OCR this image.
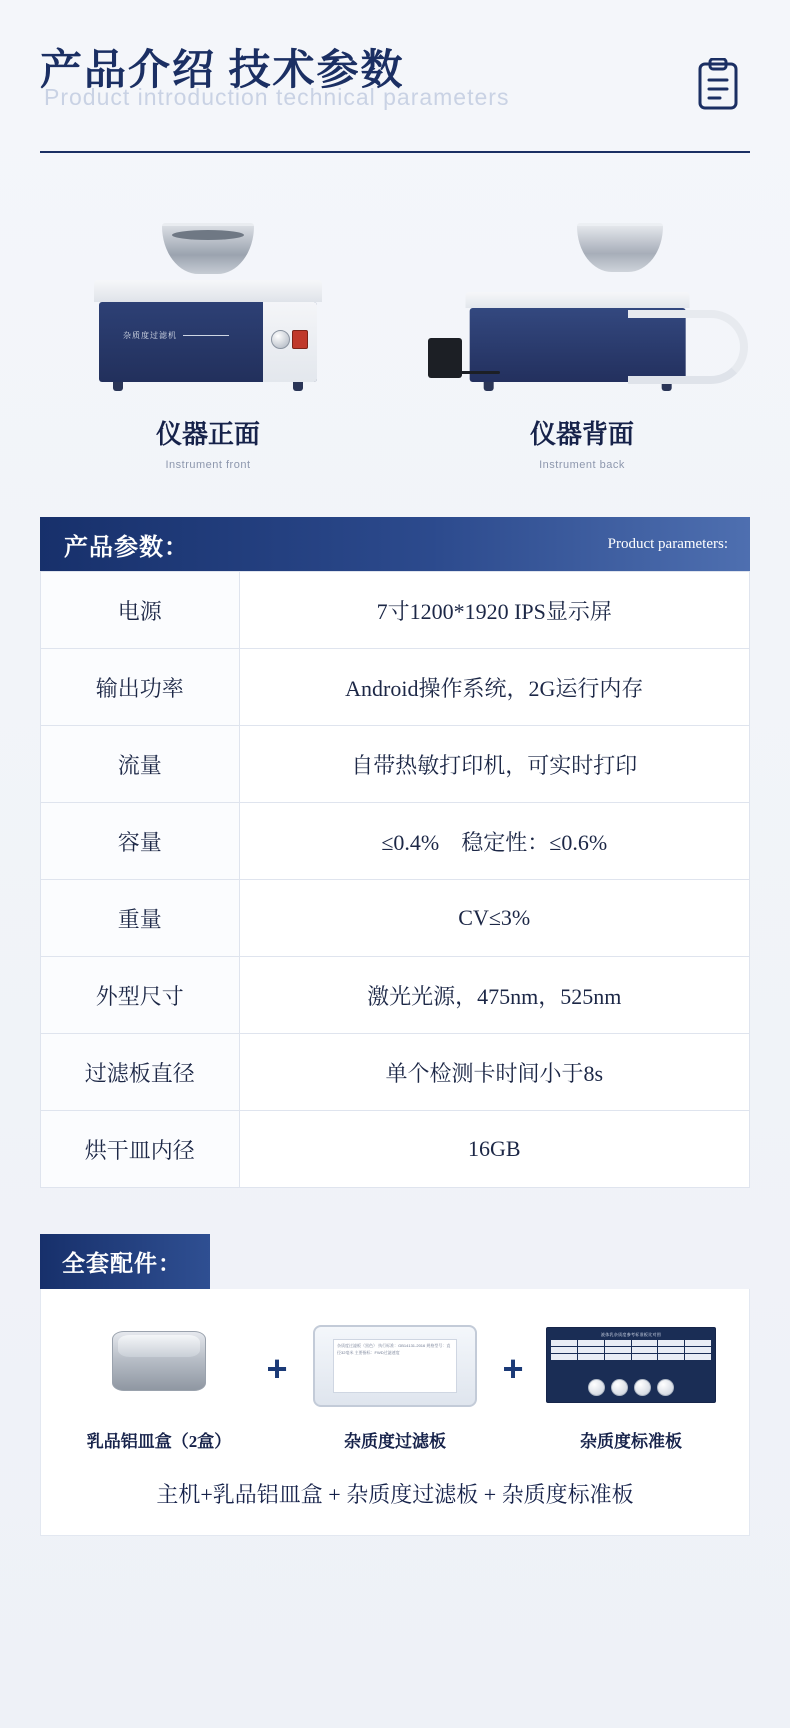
产品介绍 技术参数
Product introduction technical parameters
杂质度过滤机
仪器正面
Instrument front
仪器背面
Instrument back
产品参数：	Product parameters:
电源	7寸1200*1920 IPS显示屏
输出功率	Android操作系统，2G运行内存
流量	自带热敏打印机，可实时打印
容量	≤0.4%　稳定性：≤0.6%
重量	CV≤3%
外型尺寸	激光光源，475nm，525nm
过滤板直径	单个检测卡时间小于8s
烘干皿内径	16GB
全套配件：
乳品铝皿盒（2盒）
+
杂质度过滤板（黑色） 执行标准：GB14131-2016 规格型号：直径32毫米 主要指标：FWD过滤速度
杂质度过滤板
+
液体乳杂质度参考标准板比对图
杂质度标准板
主机+乳品铝皿盒 + 杂质度过滤板 + 杂质度标准板
